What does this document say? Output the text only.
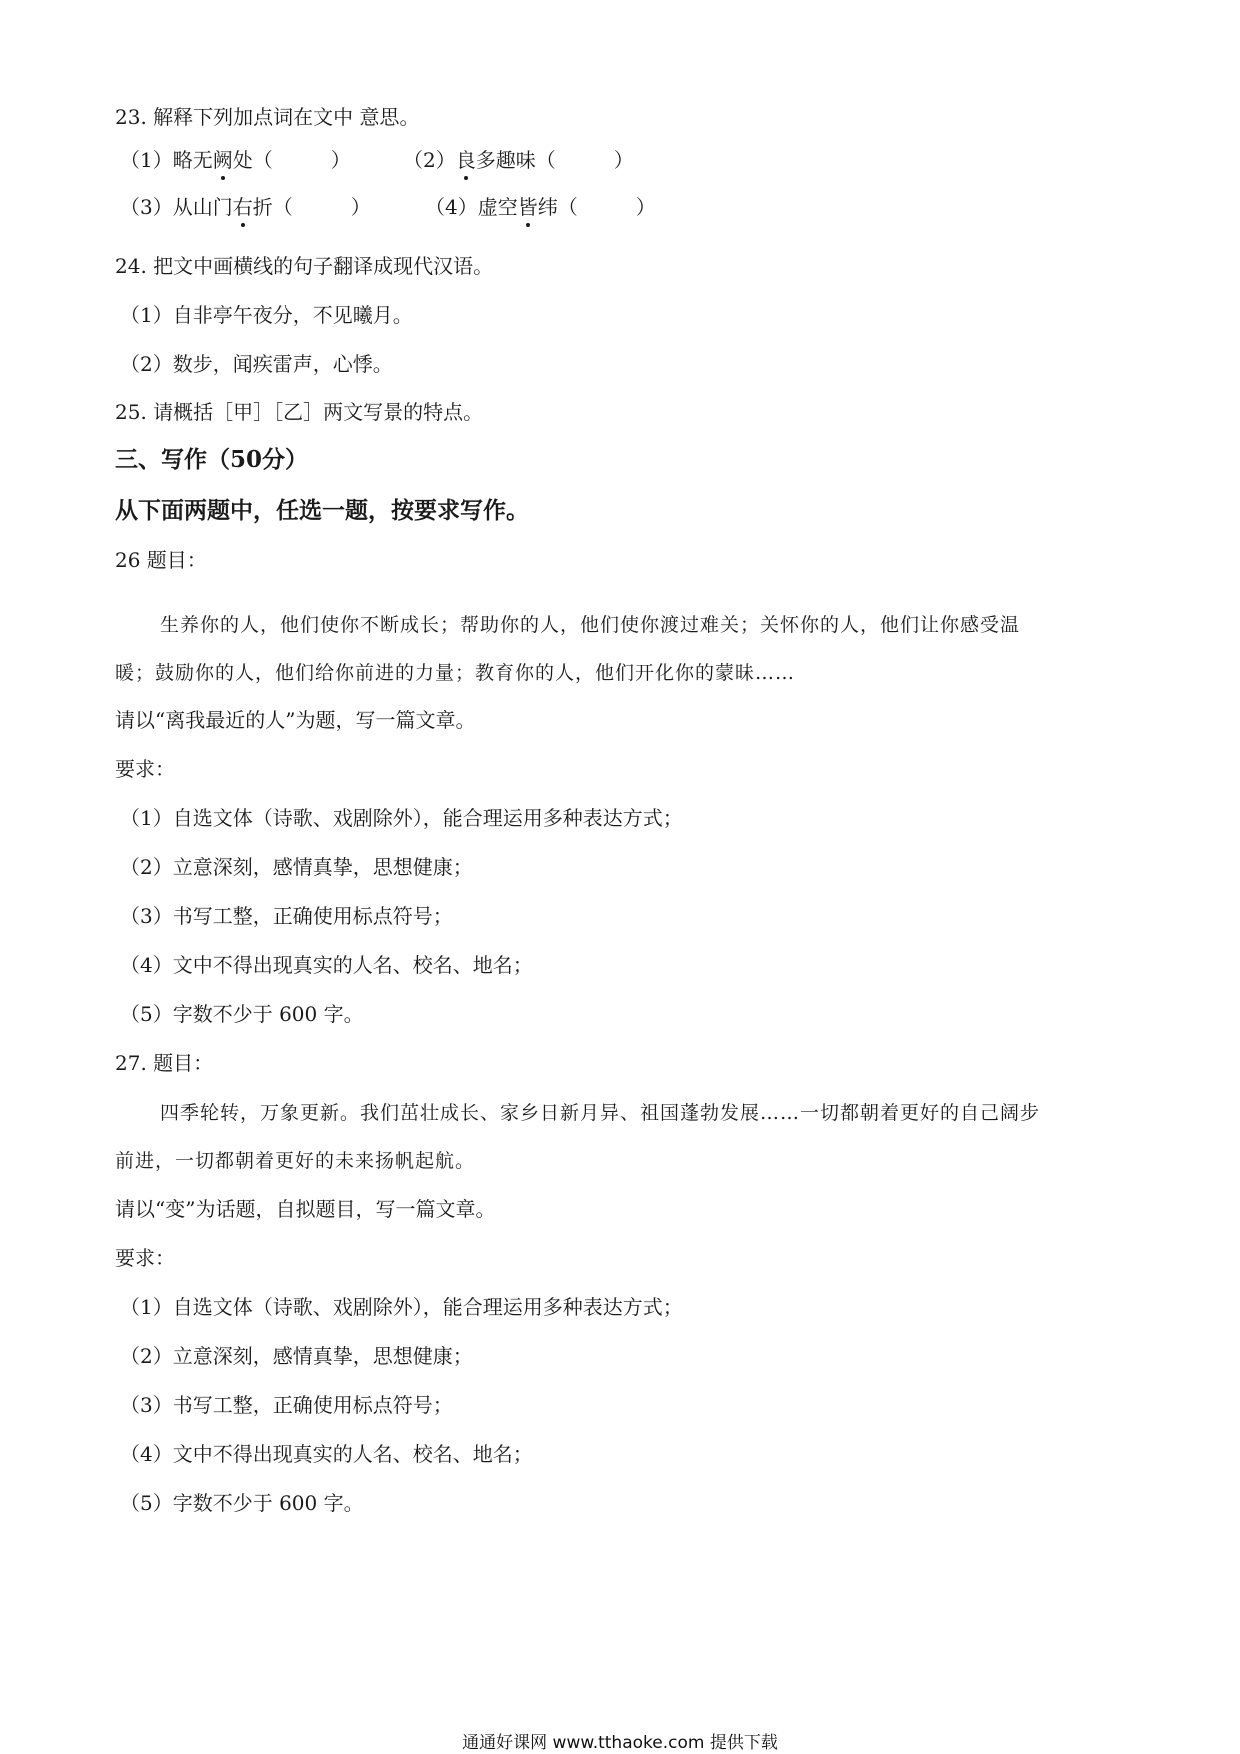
23. 解释下列加点词在文中 意思。
（1）略无阙处（	）	（2）良多趣味（	）
（3）从山门右折（	）	（4）虚空皆纬（	）
24. 把文中画横线的句子翻译成现代汉语。
（1）自非亭午夜分，不见曦月。
（2）数步，闻疾雷声，心悸。
25. 请概括［甲］［乙］两文写景的特点。
三、写作（50分）
从下面两题中，任选一题，按要求写作。
26 题目：
生养你的人，他们使你不断成长；帮助你的人，他们使你渡过难关；关怀你的人，他们让你感受温
暖；鼓励你的人，他们给你前进的力量；教育你的人，他们开化你的蒙昧……
请以“离我最近的人”为题，写一篇文章。
要求：
（1）自选文体（诗歌、戏剧除外），能合理运用多种表达方式；
（2）立意深刻，感情真挚，思想健康；
（3）书写工整，正确使用标点符号；
（4）文中不得出现真实的人名、校名、地名；
（5）字数不少于 600 字。
27. 题目：
四季轮转，万象更新。我们茁壮成长、家乡日新月异、祖国蓬勃发展……一切都朝着更好的自己阔步
前进，一切都朝着更好的未来扬帆起航。
请以“变”为话题，自拟题目，写一篇文章。
要求：
（1）自选文体（诗歌、戏剧除外），能合理运用多种表达方式；
（2）立意深刻，感情真挚，思想健康；
（3）书写工整，正确使用标点符号；
（4）文中不得出现真实的人名、校名、地名；
（5）字数不少于 600 字。
通通好课网 www.tthaoke.com 提供下载
